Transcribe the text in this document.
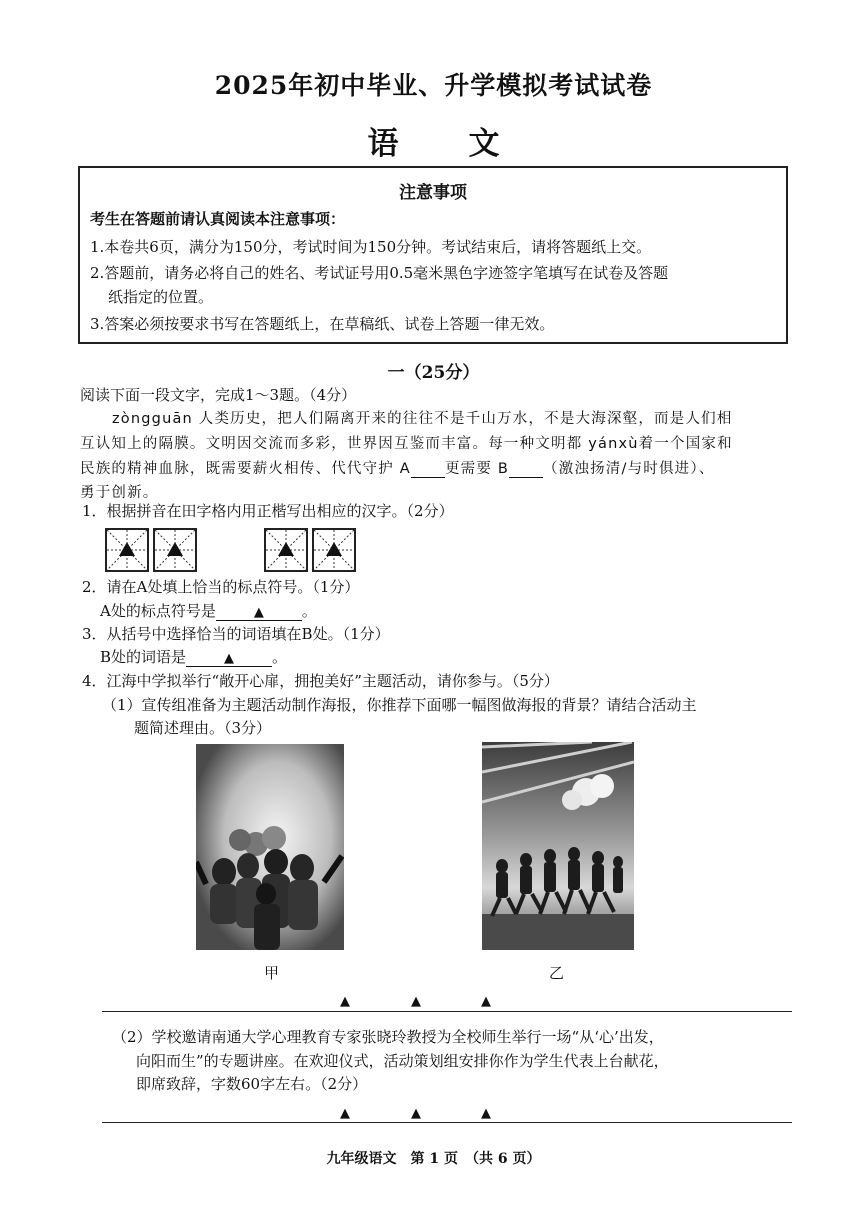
2025年初中毕业、升学模拟考试试卷
语文
注意事项
考生在答题前请认真阅读本注意事项：
1.本卷共6页，满分为150分，考试时间为150分钟。考试结束后，请将答题纸上交。
2.答题前，请务必将自己的姓名、考试证号用0.5毫米黑色字迹签字笔填写在试卷及答题
纸指定的位置。
3.答案必须按要求书写在答题纸上，在草稿纸、试卷上答题一律无效。
一（25分）
阅读下面一段文字，完成1～3题。（4分）
zòngguān 人类历史，把人们隔离开来的往往不是千山万水，不是大海深壑，而是人们相
互认知上的隔膜。文明因交流而多彩，世界因互鉴而丰富。每一种文明都 yánxù着一个国家和
民族的精神血脉，既需要薪火相传、代代守护 A 更需要 B （激浊扬清/与时俱进）、
勇于创新。
1．根据拼音在田字格内用正楷写出相应的汉字。（2分）
2．请在A处填上恰当的标点符号。（1分）
A处的标点符号是	▲	。
3．从括号中选择恰当的词语填在B处。（1分）
B处的词语是	▲	。
4．江海中学拟举行“敞开心扉，拥抱美好”主题活动，请你参与。（5分）
（1）宣传组准备为主题活动制作海报，你推荐下面哪一幅图做海报的背景？请结合活动主
题简述理由。（3分）
甲	乙
▲	▲	▲
（2）学校邀请南通大学心理教育专家张晓玲教授为全校师生举行一场“从‘心’出发，
向阳而生”的专题讲座。在欢迎仪式，活动策划组安排你作为学生代表上台献花，
即席致辞，字数60字左右。（2分）
▲	▲	▲
九年级语文　第 1 页　（共 6 页）
